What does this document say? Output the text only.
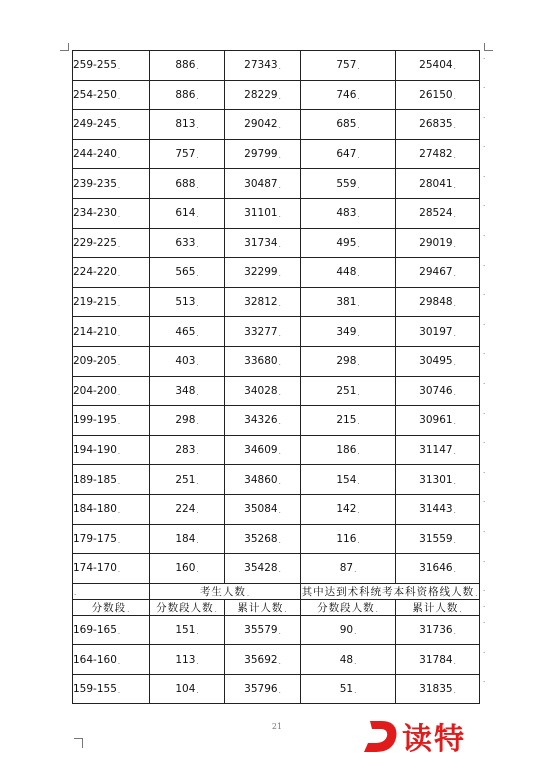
259-255.	886.	27343.	757.	25404.
254-250.	886.	28229.	746.	26150.
249-245.	813.	29042.	685.	26835.
244-240.	757.	29799.	647.	27482.
239-235.	688.	30487.	559.	28041.
234-230.	614.	31101.	483.	28524.
229-225.	633.	31734.	495.	29019.
224-220.	565.	32299.	448.	29467.
219-215.	513.	32812.	381.	29848.
214-210.	465.	33277.	349.	30197.
209-205.	403.	33680.	298.	30495.
204-200.	348.	34028.	251.	30746.
199-195.	298.	34326.	215.	30961.
194-190.	283.	34609.	186.	31147.
189-185.	251.	34860.	154.	31301.
184-180.	224.	35084.	142.	31443.
179-175.	184.	35268.	116.	31559.
174-170.	160.	35428.	87.	31646.
.	考生人数.		其中达到术科统考本科资格线人数.	
分数段.	分数段人数.	累计人数.	分数段人数.	累计人数.
169-165.	151.	35579.	90.	31736.
164-160.	113.	35692.	48.	31784.
159-155.	104.	35796.	51.	31835.
.
.
.
.
.
.
.
.
.
.
.
.
.
.
.
.
.
.
.
.
.
.
.
21	读特
